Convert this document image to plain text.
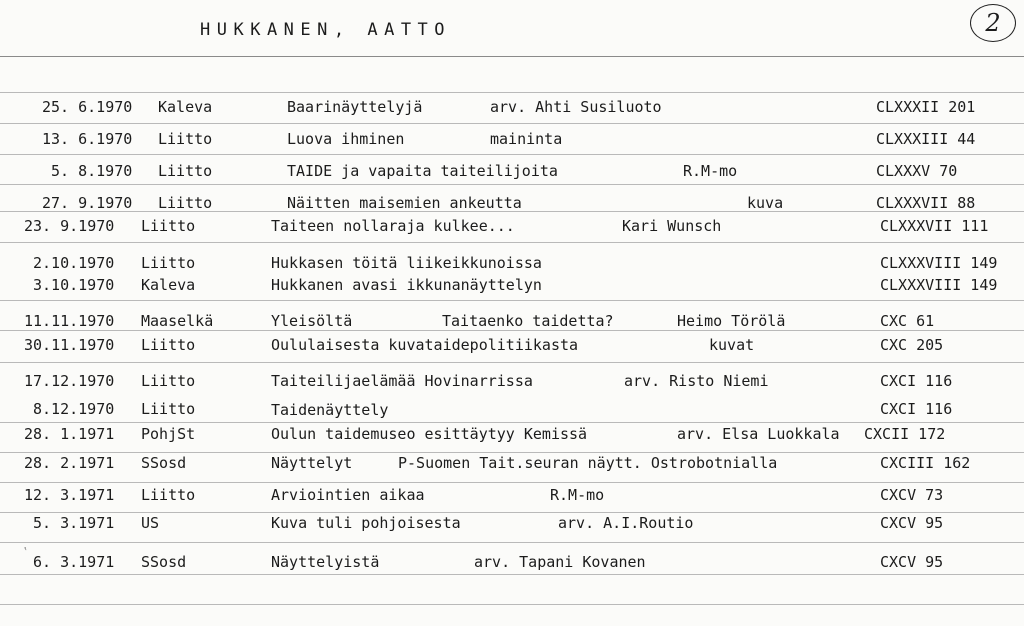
HUKKANEN, AATTO	2
25. 6.1970 Kaleva	Baarinäyttelyjä	arv. Ahti Susiluoto	CLXXXII 201
13. 6.1970 Liitto	Luova ihminen	maininta	CLXXXIII 44
5. 8.1970 Liitto	TAIDE ja vapaita taiteilijoita	R.M-mo	CLXXXV 70
27. 9.1970 Liitto	Näitten maisemien ankeutta	kuva	CLXXXVII 88
23. 9.1970 Liitto	Taiteen nollaraja kulkee...	Kari Wunsch	CLXXXVII 111
2.10.1970 Liitto	Hukkasen töitä liikeikkunoissa	CLXXXVIII 149
3.10.1970 Kaleva	Hukkanen avasi ikkunanäyttelyn	CLXXXVIII 149
11.11.1970 Maaselkä	Yleisöltä	Taitaenko taidetta?	Heimo Törölä	CXC 61
30.11.1970 Liitto	Oululaisesta kuvataidepolitiikasta	kuvat	CXC 205
17.12.1970 Liitto	Taiteilijaelämää Hovinarrissa	arv. Risto Niemi	CXCI 116
8.12.1970 Liitto	Taidenäyttely	CXCI 116
28. 1.1971 PohjSt	Oulun taidemuseo esittäytyy Kemissä	arv. Elsa Luokkala CXCII 172
28. 2.1971 SSosd	Näyttelyt	P-Suomen Tait.seuran näytt. Ostrobotnialla	CXCIII 162
12. 3.1971 Liitto	Arviointien aikaa	R.M-mo	CXCV 73
5. 3.1971 US	Kuva tuli pohjoisesta	arv. A.I.Routio	CXCV 95
‛
6. 3.1971 SSosd	Näyttelyistä	arv. Tapani Kovanen	CXCV 95
